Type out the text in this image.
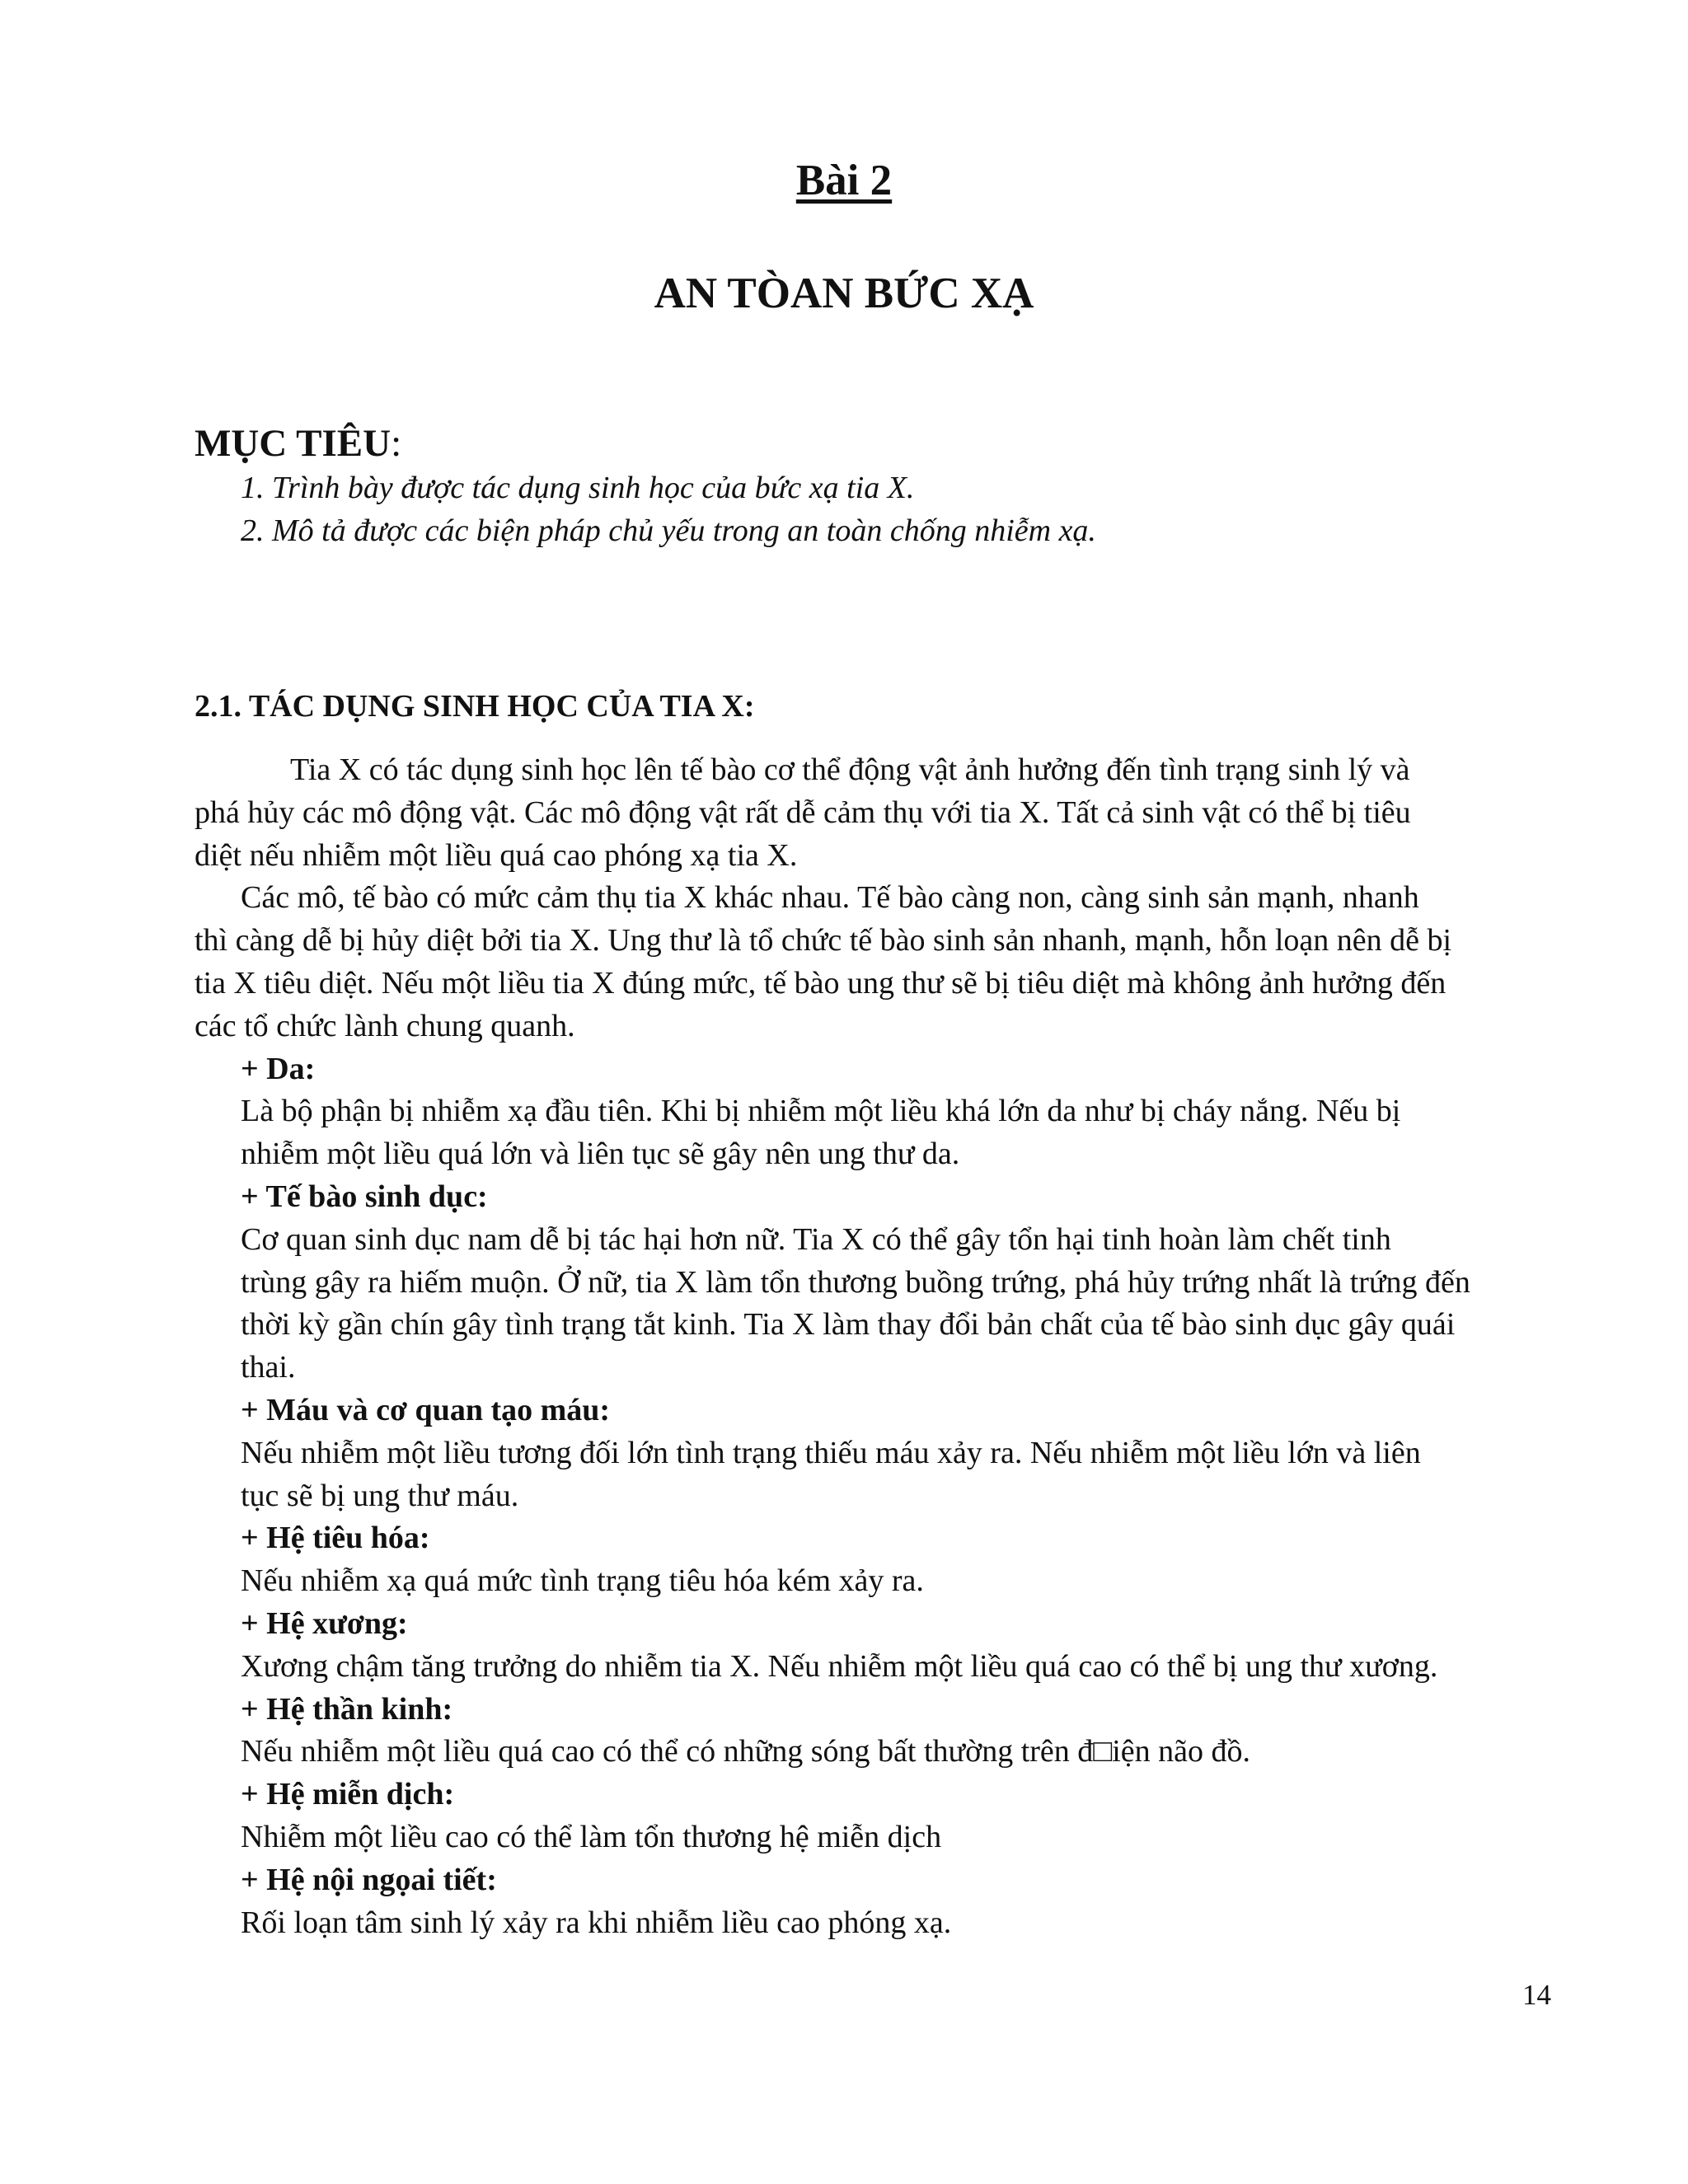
Bài 2
AN TÒAN BỨC XẠ
MỤC TIÊU:
1. Trình bày được tác dụng sinh học của bức xạ tia X.
2. Mô tả được các biện pháp chủ yếu trong an toàn chống nhiễm xạ.
2.1. TÁC DỤNG SINH HỌC CỦA TIA X:
Tia X có tác dụng sinh học lên tế bào cơ thể động vật ảnh hưởng đến tình trạng sinh lý và
phá hủy các mô động vật. Các mô động vật rất dễ cảm thụ với tia X. Tất cả sinh vật có thể bị tiêu
diệt nếu nhiễm một liều quá cao phóng xạ tia X.
Các mô, tế bào có mức cảm thụ tia X khác nhau. Tế bào càng non, càng sinh sản mạnh, nhanh
thì càng dễ bị hủy diệt bởi tia X. Ung thư là tổ chức tế bào sinh sản nhanh, mạnh, hỗn loạn nên dễ bị
tia X tiêu diệt. Nếu một liều tia X đúng mức, tế bào ung thư sẽ bị tiêu diệt mà không ảnh hưởng đến
các tổ chức lành chung quanh.
+ Da:
Là bộ phận bị nhiễm xạ đầu tiên. Khi bị nhiễm một liều khá lớn da như bị cháy nắng. Nếu bị
nhiễm một liều quá lớn và liên tục sẽ gây nên ung thư da.
+ Tế bào sinh dục:
Cơ quan sinh dục nam dễ bị tác hại hơn nữ. Tia X có thể gây tổn hại tinh hoàn làm chết tinh
trùng gây ra hiếm muộn. Ở nữ, tia X làm tổn thương buồng trứng, phá hủy trứng nhất là trứng đến
thời kỳ gần chín gây tình trạng tắt kinh. Tia X làm thay đổi bản chất của tế bào sinh dục gây quái
thai.
+ Máu và cơ quan tạo máu:
Nếu nhiễm một liều tương đối lớn tình trạng thiếu máu xảy ra. Nếu nhiễm một liều lớn và liên
tục sẽ bị ung thư máu.
+ Hệ tiêu hóa:
Nếu nhiễm xạ quá mức tình trạng tiêu hóa kém xảy ra.
+ Hệ xương:
Xương chậm tăng trưởng do nhiễm tia X. Nếu nhiễm một liều quá cao có thể bị ung thư xương.
+ Hệ thần kinh:
Nếu nhiễm một liều quá cao có thể có những sóng bất thường trên đ□iện não đồ.
+ Hệ miễn dịch:
Nhiễm một liều cao có thể làm tổn thương hệ miễn dịch
+ Hệ nội ngọai tiết:
Rối loạn tâm sinh lý xảy ra khi nhiễm liều cao phóng xạ.
14
